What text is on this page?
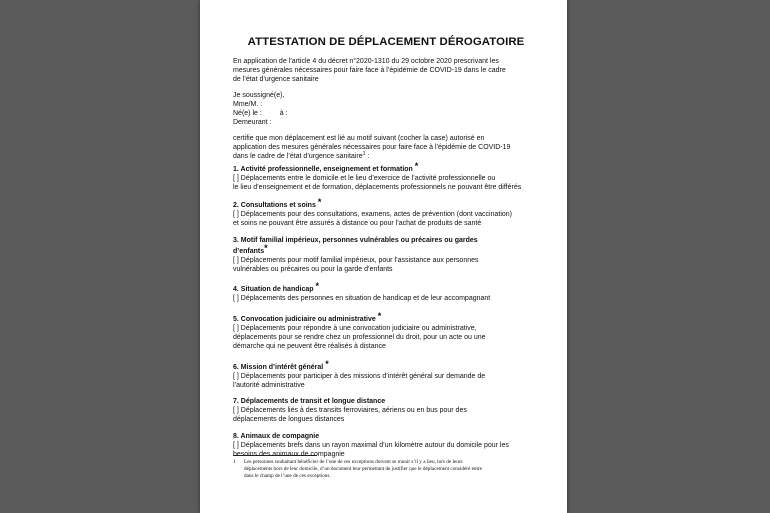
ATTESTATION DE DÉPLACEMENT DÉROGATOIRE
En application de l’article 4 du décret n°2020-1310 du 29 octobre 2020 prescrivant les
mesures générales nécessaires pour faire face à l’épidémie de COVID-19 dans le cadre
de l’état d’urgence sanitaire
Je soussigné(e),
Mme/M. :
Né(e) le :	à :
Demeurant :
certifie que mon déplacement est lié au motif suivant (cocher la case) autorisé en
application des mesures générales nécessaires pour faire face à l’épidémie de COVID-19
dans le cadre de l’état d’urgence sanitaire$^1$ :
1. Activité professionnelle, enseignement et formation *
[ ] Déplacements entre le domicile et le lieu d’exercice de l’activité professionnelle ou
le lieu d’enseignement et de formation, déplacements professionnels ne pouvant être différés
2. Consultations et soins *
[ ] Déplacements pour des consultations, examens, actes de prévention (dont vaccination)
et soins ne pouvant être assurés à distance ou pour l’achat de produits de santé
3. Motif familial impérieux, personnes vulnérables ou précaires ou gardes
d’enfants*
[ ] Déplacements pour motif familial impérieux, pour l’assistance aux personnes
vulnérables ou précaires ou pour la garde d’enfants
4. Situation de handicap *
[ ] Déplacements des personnes en situation de handicap et de leur accompagnant
5. Convocation judiciaire ou administrative *
[ ] Déplacements pour répondre à une convocation judiciaire ou administrative,
déplacements pour se rendre chez un professionnel du droit, pour un acte ou une
démarche qui ne peuvent être réalisés à distance
6. Mission d’intérêt général *
[ ] Déplacements pour participer à des missions d’intérêt général sur demande de
l’autorité administrative
7. Déplacements de transit et longue distance
[ ] Déplacements liés à des transits ferroviaires, aériens ou en bus pour des
déplacements de longues distances
8. Animaux de compagnie
[ ] Déplacements brefs dans un rayon maximal d’un kilomètre autour du domicile pour les
besoins des animaux de compagnie
1 Les personnes souhaitant bénéficier de l’une de ces exceptions doivent se munir s’il y a lieu, lors de leurs
déplacements hors de leur domicile, d’un document leur permettant de justifier que le déplacement considéré entre
dans le champ de l’une de ces exceptions.
